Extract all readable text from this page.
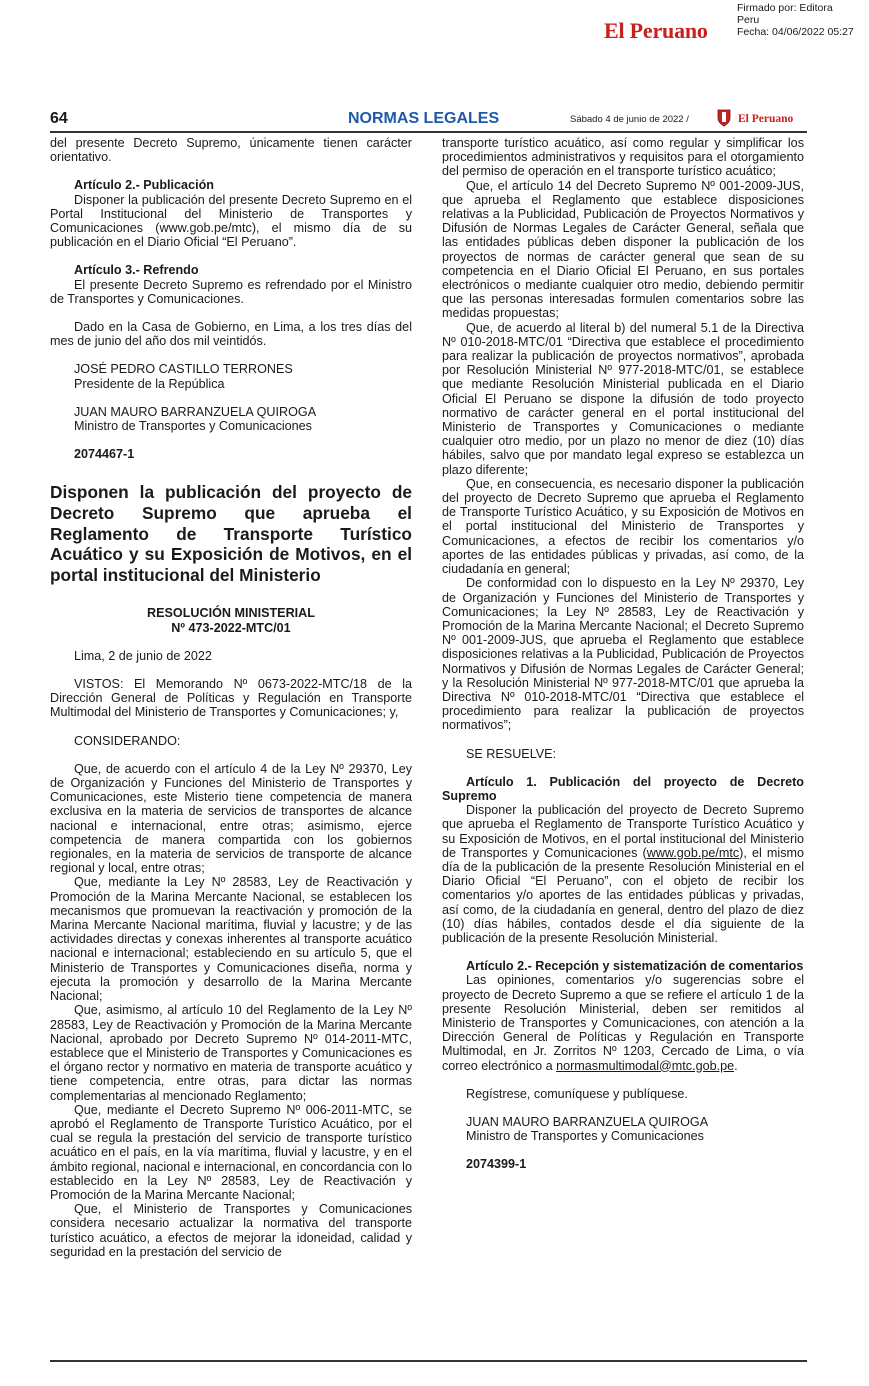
Firmado por: Editora
Peru
Fecha: 04/06/2022 05:27
El Peruano
64	NORMAS LEGALES	Sábado 4 de junio de 2022 /	El Peruano

del presente Decreto Supremo, únicamente tienen carácter orientativo.

Artículo 2.- Publicación

Disponer la publicación del presente Decreto Supremo en el Portal Institucional del Ministerio de Transportes y Comunicaciones (www.gob.pe/mtc), el mismo día de su publicación en el Diario Oficial “El Peruano”.

Artículo 3.- Refrendo

El presente Decreto Supremo es refrendado por el Ministro de Transportes y Comunicaciones.

Dado en la Casa de Gobierno, en Lima, a los tres días del mes de junio del año dos mil veintidós.

JOSÉ PEDRO CASTILLO TERRONES

Presidente de la República

JUAN MAURO BARRANZUELA QUIROGA

Ministro de Transportes y Comunicaciones

2074467-1

Disponen la publicación del proyecto de Decreto Supremo que aprueba el Reglamento de Transporte Turístico Acuático y su Exposición de Motivos, en el portal institucional del Ministerio

RESOLUCIÓN MINISTERIAL

Nº 473-2022-MTC/01

Lima, 2 de junio de 2022

VISTOS: El Memorando Nº 0673-2022-MTC/18 de la Dirección General de Políticas y Regulación en Transporte Multimodal del Ministerio de Transportes y Comunicaciones; y,

CONSIDERANDO:

Que, de acuerdo con el artículo 4 de la Ley Nº 29370, Ley de Organización y Funciones del Ministerio de Transportes y Comunicaciones, este Misterio tiene competencia de manera exclusiva en la materia de servicios de transportes de alcance nacional e internacional, entre otras; asimismo, ejerce competencia de manera compartida con los gobiernos regionales, en la materia de servicios de transporte de alcance regional y local, entre otras;

Que, mediante la Ley Nº 28583, Ley de Reactivación y Promoción de la Marina Mercante Nacional, se establecen los mecanismos que promuevan la reactivación y promoción de la Marina Mercante Nacional marítima, fluvial y lacustre; y de las actividades directas y conexas inherentes al transporte acuático nacional e internacional; estableciendo en su artículo 5, que el Ministerio de Transportes y Comunicaciones diseña, norma y ejecuta la promoción y desarrollo de la Marina Mercante Nacional;

Que, asimismo, al artículo 10 del Reglamento de la Ley Nº 28583, Ley de Reactivación y Promoción de la Marina Mercante Nacional, aprobado por Decreto Supremo Nº 014-2011-MTC, establece que el Ministerio de Transportes y Comunicaciones es el órgano rector y normativo en materia de transporte acuático y tiene competencia, entre otras, para dictar las normas complementarias al mencionado Reglamento;

Que, mediante el Decreto Supremo Nº 006-2011-MTC, se aprobó el Reglamento de Transporte Turístico Acuático, por el cual se regula la prestación del servicio de transporte turístico acuático en el país, en la vía marítima, fluvial y lacustre, y en el ámbito regional, nacional e internacional, en concordancia con lo establecido en la Ley Nº 28583, Ley de Reactivación y Promoción de la Marina Mercante Nacional;

Que, el Ministerio de Transportes y Comunicaciones considera necesario actualizar la normativa del transporte turístico acuático, a efectos de mejorar la idoneidad, calidad y seguridad en la prestación del servicio de

transporte turístico acuático, así como regular y simplificar los procedimientos administrativos y requisitos para el otorgamiento del permiso de operación en el transporte turístico acuático;

Que, el artículo 14 del Decreto Supremo Nº 001-2009-JUS, que aprueba el Reglamento que establece disposiciones relativas a la Publicidad, Publicación de Proyectos Normativos y Difusión de Normas Legales de Carácter General, señala que las entidades públicas deben disponer la publicación de los proyectos de normas de carácter general que sean de su competencia en el Diario Oficial El Peruano, en sus portales electrónicos o mediante cualquier otro medio, debiendo permitir que las personas interesadas formulen comentarios sobre las medidas propuestas;

Que, de acuerdo al literal b) del numeral 5.1 de la Directiva Nº 010-2018-MTC/01 “Directiva que establece el procedimiento para realizar la publicación de proyectos normativos”, aprobada por Resolución Ministerial Nº 977-2018-MTC/01, se establece que mediante Resolución Ministerial publicada en el Diario Oficial El Peruano se dispone la difusión de todo proyecto normativo de carácter general en el portal institucional del Ministerio de Transportes y Comunicaciones o mediante cualquier otro medio, por un plazo no menor de diez (10) días hábiles, salvo que por mandato legal expreso se establezca un plazo diferente;

Que, en consecuencia, es necesario disponer la publicación del proyecto de Decreto Supremo que aprueba el Reglamento de Transporte Turístico Acuático, y su Exposición de Motivos en el portal institucional del Ministerio de Transportes y Comunicaciones, a efectos de recibir los comentarios y/o aportes de las entidades públicas y privadas, así como, de la ciudadanía en general;

De conformidad con lo dispuesto en la Ley Nº 29370, Ley de Organización y Funciones del Ministerio de Transportes y Comunicaciones; la Ley Nº 28583, Ley de Reactivación y Promoción de la Marina Mercante Nacional; el Decreto Supremo Nº 001-2009-JUS, que aprueba el Reglamento que establece disposiciones relativas a la Publicidad, Publicación de Proyectos Normativos y Difusión de Normas Legales de Carácter General; y la Resolución Ministerial Nº 977-2018-MTC/01 que aprueba la Directiva Nº 010-2018-MTC/01 “Directiva que establece el procedimiento para realizar la publicación de proyectos normativos”;

SE RESUELVE:

Artículo 1. Publicación del proyecto de Decreto Supremo

Disponer la publicación del proyecto de Decreto Supremo que aprueba el Reglamento de Transporte Turístico Acuático y su Exposición de Motivos, en el portal institucional del Ministerio de Transportes y Comunicaciones (www.gob.pe/mtc), el mismo día de la publicación de la presente Resolución Ministerial en el Diario Oficial “El Peruano”, con el objeto de recibir los comentarios y/o aportes de las entidades públicas y privadas, así como, de la ciudadanía en general, dentro del plazo de diez (10) días hábiles, contados desde el día siguiente de la publicación de la presente Resolución Ministerial.

Artículo 2.- Recepción y sistematización de comentarios

Las opiniones, comentarios y/o sugerencias sobre el proyecto de Decreto Supremo a que se refiere el artículo 1 de la presente Resolución Ministerial, deben ser remitidos al Ministerio de Transportes y Comunicaciones, con atención a la Dirección General de Políticas y Regulación en Transporte Multimodal, en Jr. Zorritos Nº 1203, Cercado de Lima, o vía correo electrónico a normasmultimodal@mtc.gob.pe.

Regístrese, comuníquese y publíquese.

JUAN MAURO BARRANZUELA QUIROGA

Ministro de Transportes y Comunicaciones

2074399-1
